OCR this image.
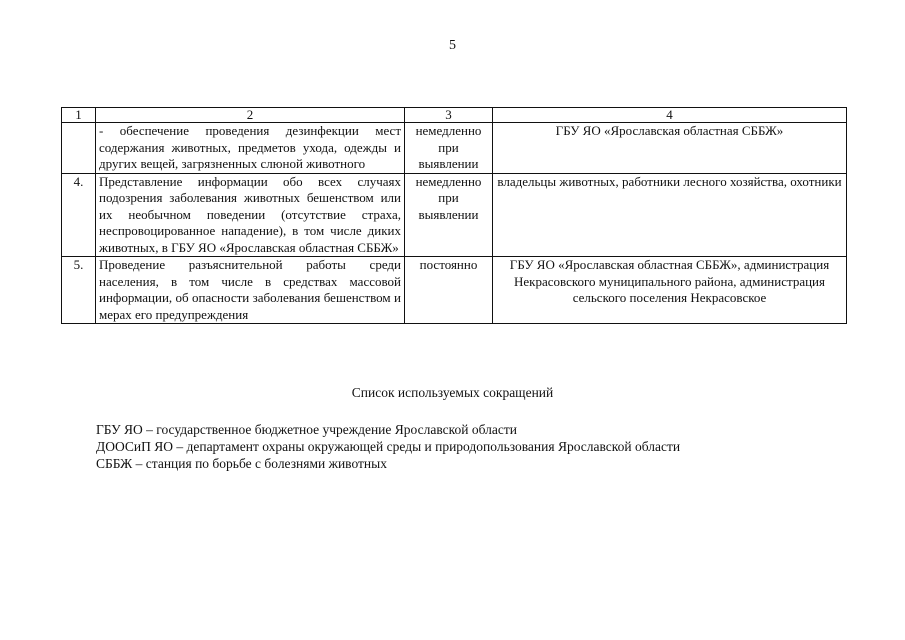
5
1	2	3	4
	- обеспечение проведения дезинфекции мест содержания животных, предметов ухода, одежды и других вещей, загрязненных слюной животного	немедленно при выявлении	ГБУ ЯО «Ярославская областная СББЖ»
4.	Представление информации обо всех случаях подозрения заболевания животных бешенством или их необычном поведении (отсутствие страха, неспровоцированное нападение), в том числе диких животных, в ГБУ ЯО «Ярославская областная СББЖ»	немедленно при выявлении	владельцы животных, работники лесного хозяйства, охотники
5.	Проведение разъяснительной работы среди населения, в том числе в средствах массовой информации, об опасности заболевания бешенством и мерах его предупреждения	постоянно	ГБУ ЯО «Ярославская областная СББЖ», администрация Некрасовского муниципального района, администрация сельского поселения Некрасовское
Список используемых сокращений
ГБУ ЯО – государственное бюджетное учреждение Ярославской области
ДООСиП ЯО – департамент охраны окружающей среды и природопользования Ярославской области
СББЖ – станция по борьбе с болезнями животных
